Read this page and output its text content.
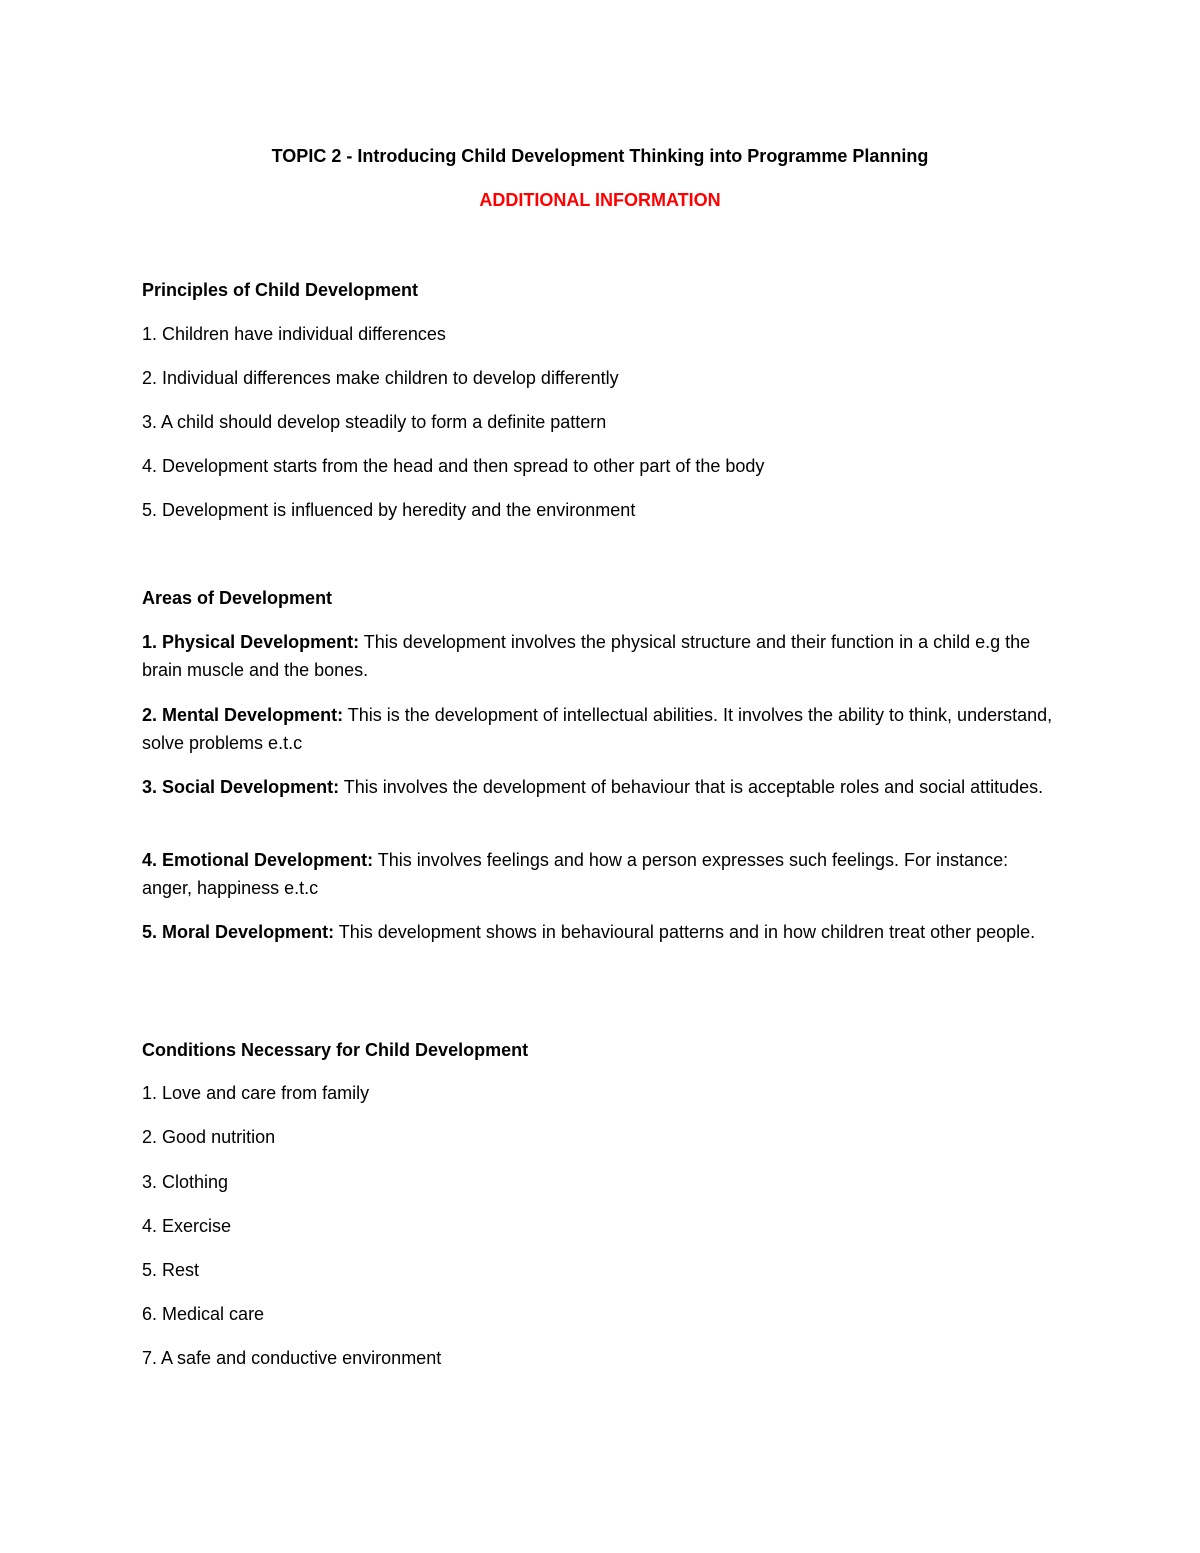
TOPIC 2 - Introducing Child Development Thinking into Programme Planning
ADDITIONAL INFORMATION
Principles of Child Development
1. Children have individual differences
2. Individual differences make children to develop differently
3. A child should develop steadily to form a definite pattern
4. Development starts from the head and then spread to other part of the body
5. Development is influenced by heredity and the environment
Areas of Development
1. Physical Development: This development involves the physical structure and their function in a child e.g the brain muscle and the bones.
2. Mental Development: This is the development of intellectual abilities. It involves the ability to think, understand, solve problems e.t.c
3. Social Development: This involves the development of behaviour that is acceptable roles and social attitudes.
4. Emotional Development: This involves feelings and how a person expresses such feelings. For instance: anger, happiness e.t.c
5. Moral Development: This development shows in behavioural patterns and in how children treat other people.
Conditions Necessary for Child Development
1. Love and care from family
2. Good nutrition
3. Clothing
4. Exercise
5. Rest
6. Medical care
7. A safe and conductive environment
